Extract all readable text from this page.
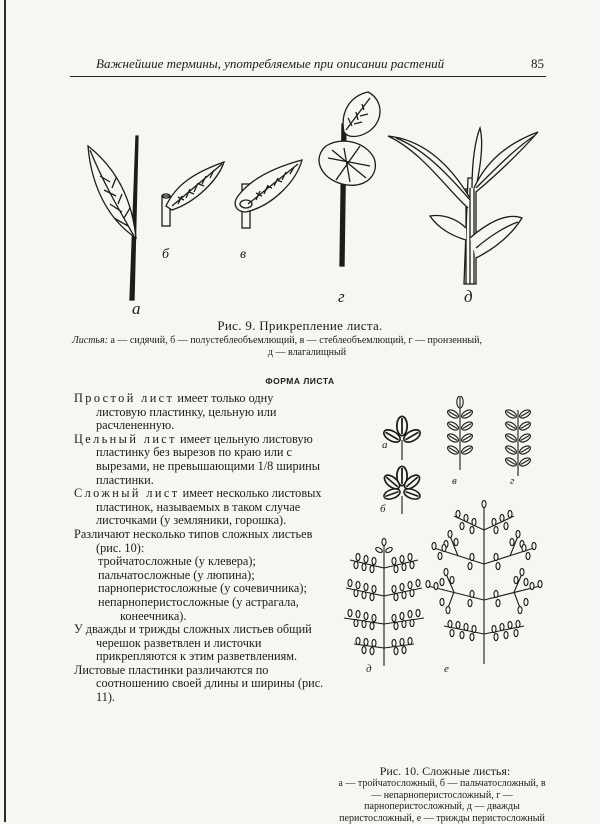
Важнейшие термины, употребляемые при описании растений	85
а
б	в
г	д
Рис. 9. Прикрепление листа.
Листья: а — сидячий, б — полустеблеобъемлющий, в — стеблеобъемлющий, г — пронзенный,
д — влагалищный
ФОРМА ЛИСТА

Простой лист имеет только одну листовую пластинку, цельную или расчлененную.

Цельный лист имеет цельную листовую пластинку без вырезов по краю или с вырезами, не превышающими 1/8 ширины пластинки.

Сложный лист имеет несколько листовых пластинок, называемых в таком случае листочками (у земляники, горошка).

Различают несколько типов сложных листьев (рис. 10):

тройчатосложные (у клевера);

пальчатосложные (у люпина);

парноперистосложные (у сочевичника);

непарноперистосложные (у астрагала, конеечника).

У дважды и трижды сложных листьев общий черешок разветвлен и листочки прикрепляются к этим разветвлениям.

Листовые пластинки различаются по соотношению своей длины и ширины (рис. 11).

а
б
в	г
д	е
Рис. 10. Сложные листья:
а — тройчатосложный, б — пальчатосложный, в — непарноперистосложный, г — парноперистосложный, д — дважды перистосложный, е — трижды перистосложный
